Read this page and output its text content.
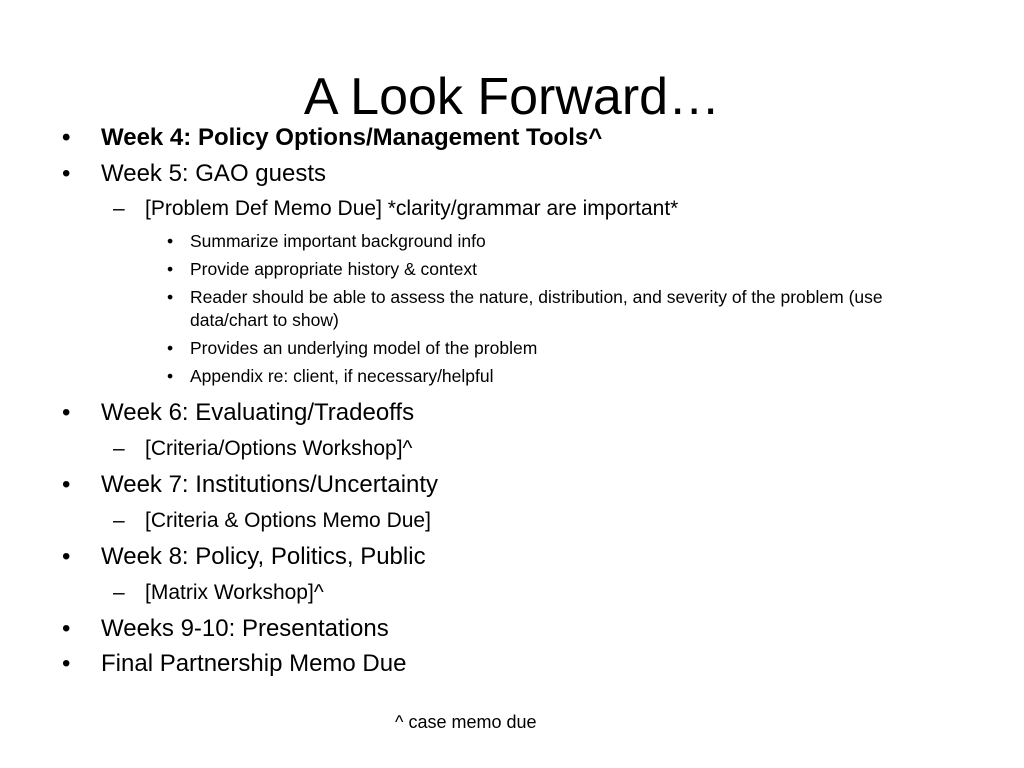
A Look Forward…
• Week 4: Policy Options/Management Tools^
• Week 5: GAO guests
– [Problem Def Memo Due] *clarity/grammar are important*
• Summarize important background info
• Provide appropriate history & context
• Reader should be able to assess the nature, distribution, and severity of the problem (use data/chart to show)
• Provides an underlying model of the problem
• Appendix re: client, if necessary/helpful
• Week 6: Evaluating/Tradeoffs
– [Criteria/Options Workshop]^
• Week 7: Institutions/Uncertainty
– [Criteria & Options Memo Due]
• Week 8: Policy, Politics, Public
– [Matrix Workshop]^
• Weeks 9-10: Presentations
• Final Partnership Memo Due
^ case memo due
